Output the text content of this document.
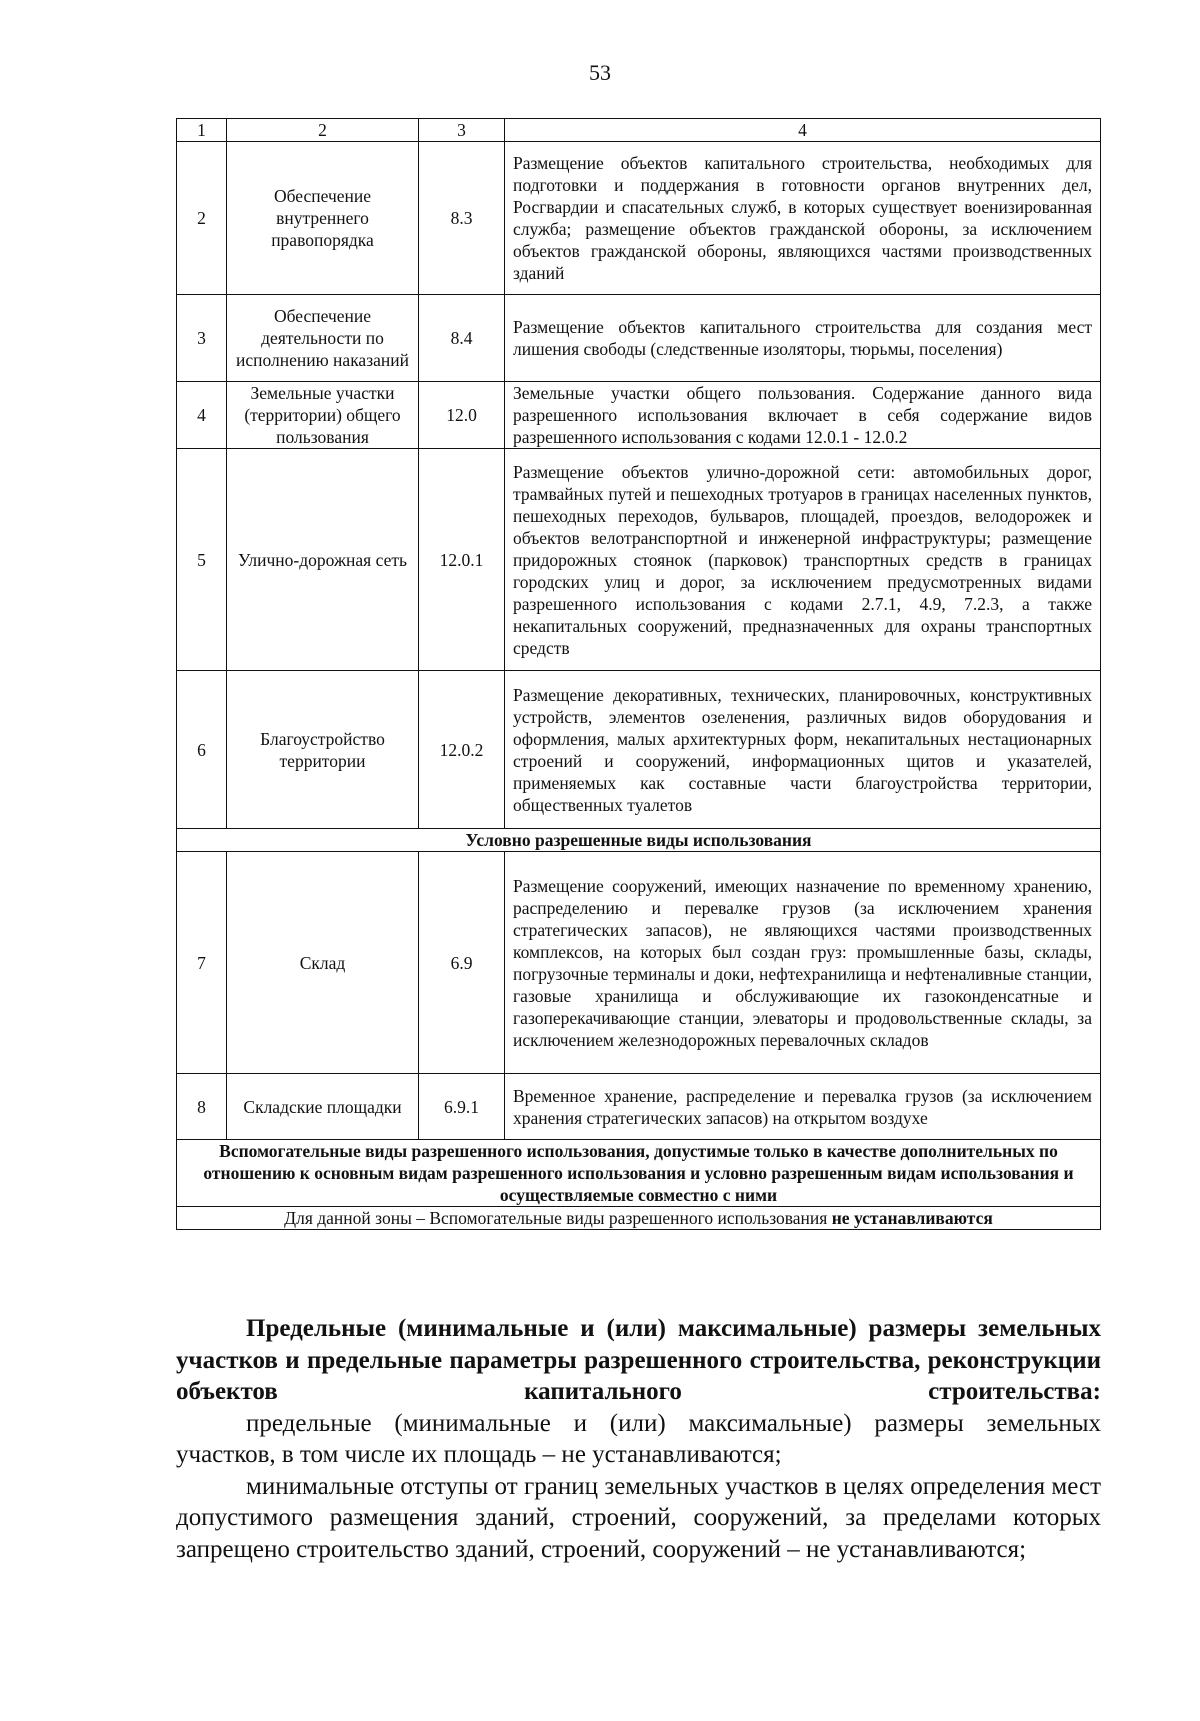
53
1	2	3	4
2	Обеспечение внутреннего правопорядка	8.3	Размещение объектов капитального строительства, необходимых для подготовки и поддержания в готовности органов внутренних дел, Росгвардии и спасательных служб, в которых существует военизированная служба; размещение объектов гражданской обороны, за исключением объектов гражданской обороны, являющихся частями производственных зданий
3	Обеспечение деятельности по исполнению наказаний	8.4	Размещение объектов капитального строительства для создания мест лишения свободы (следственные изоляторы, тюрьмы, поселения)
4	Земельные участки (территории) общего пользования	12.0	Земельные участки общего пользования. Содержание данного вида разрешенного использования включает в себя содержание видов разрешенного использования с кодами 12.0.1 - 12.0.2
5	Улично-дорожная сеть	12.0.1	Размещение объектов улично-дорожной сети: автомобильных дорог, трамвайных путей и пешеходных тротуаров в границах населенных пунктов, пешеходных переходов, бульваров, площадей, проездов, велодорожек и объектов велотранспортной и инженерной инфраструктуры; размещение придорожных стоянок (парковок) транспортных средств в границах городских улиц и дорог, за исключением предусмотренных видами разрешенного использования с кодами 2.7.1, 4.9, 7.2.3, а также некапитальных сооружений, предназначенных для охраны транспортных средств
6	Благоустройство территории	12.0.2	Размещение декоративных, технических, планировочных, конструктивных устройств, элементов озеленения, различных видов оборудования и оформления, малых архитектурных форм, некапитальных нестационарных строений и сооружений, информационных щитов и указателей, применяемых как составные части благоустройства территории, общественных туалетов
Условно разрешенные виды использования			
7	Склад	6.9	Размещение сооружений, имеющих назначение по временному хранению, распределению и перевалке грузов (за исключением хранения стратегических запасов), не являющихся частями производственных комплексов, на которых был создан груз: промышленные базы, склады, погрузочные терминалы и доки, нефтехранилища и нефтеналивные станции, газовые хранилища и обслуживающие их газоконденсатные и газоперекачивающие станции, элеваторы и продовольственные склады, за исключением железнодорожных перевалочных складов
8	Складские площадки	6.9.1	Временное хранение, распределение и перевалка грузов (за исключением хранения стратегических запасов) на открытом воздухе
Вспомогательные виды разрешенного использования, допустимые только в качестве дополнительных по отношению к основным видам разрешенного использования и условно разрешенным видам использования и осуществляемые совместно с ними			
Для данной зоны – Вспомогательные виды разрешенного использования не устанавливаются			
Предельные (минимальные и (или) максимальные) размеры земельных участков и предельные параметры разрешенного строительства, реконструкции объектов капитального строительства:

предельные (минимальные и (или) максимальные) размеры земельных участков, в том числе их площадь – не устанавливаются;

минимальные отступы от границ земельных участков в целях определения мест допустимого размещения зданий, строений, сооружений, за пределами которых запрещено строительство зданий, строений, сооружений – не устанавливаются;
